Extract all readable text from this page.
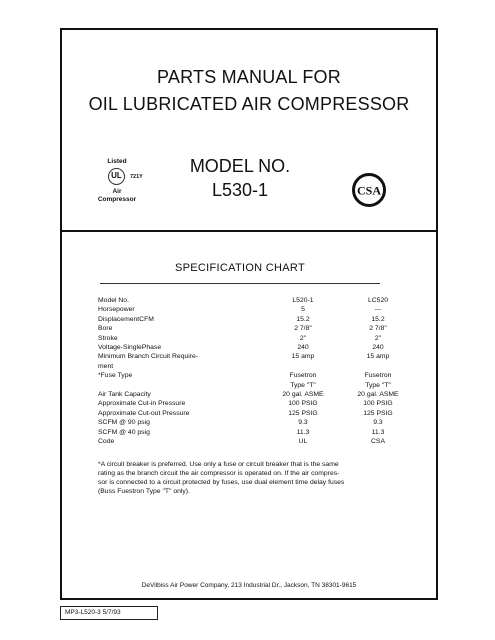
PARTS MANUAL FOR
OIL LUBRICATED AIR COMPRESSOR
MODEL NO.
L530-1
Listed
UL	721Y
Air
Compressor
CSA
SPECIFICATION CHART
Model No.	L520-1	LC520
Horsepower	5	---
DisplacementCFM	15.2	15.2
Bore	2 7/8"	2 7/8"
Stroke	2"	2"
Voltage-SinglePhase	240	240
Minimum Branch Circuit Require-	15 amp	15 amp
ment
*Fuse Type	Fusetron	Fusetron
Type "T"	Type "T"
Air Tank Capacity	20 gal. ASME	20 gal. ASME
Approximate Cut-in Pressure	100 PSIG	100 PSIG
Approximate Cut-out Pressure	125 PSIG	125 PSIG
SCFM @ 90 psig	9.3	9.3
SCFM @ 40 psig	11.3	11.3
Code	UL	CSA
*A circuit breaker is preferred. Use only a fuse or circuit breaker that is the same
rating as the branch circuit the air compressor is operated on. If the air compres-
sor is connected to a circuit protected by fuses, use dual element time delay fuses
(Buss Fuestron Type "T" only).
DeVilbiss Air Power Company, 213 Industrial Dr., Jackson, TN 38301-9615
MP3-L520-3 5/7/93
